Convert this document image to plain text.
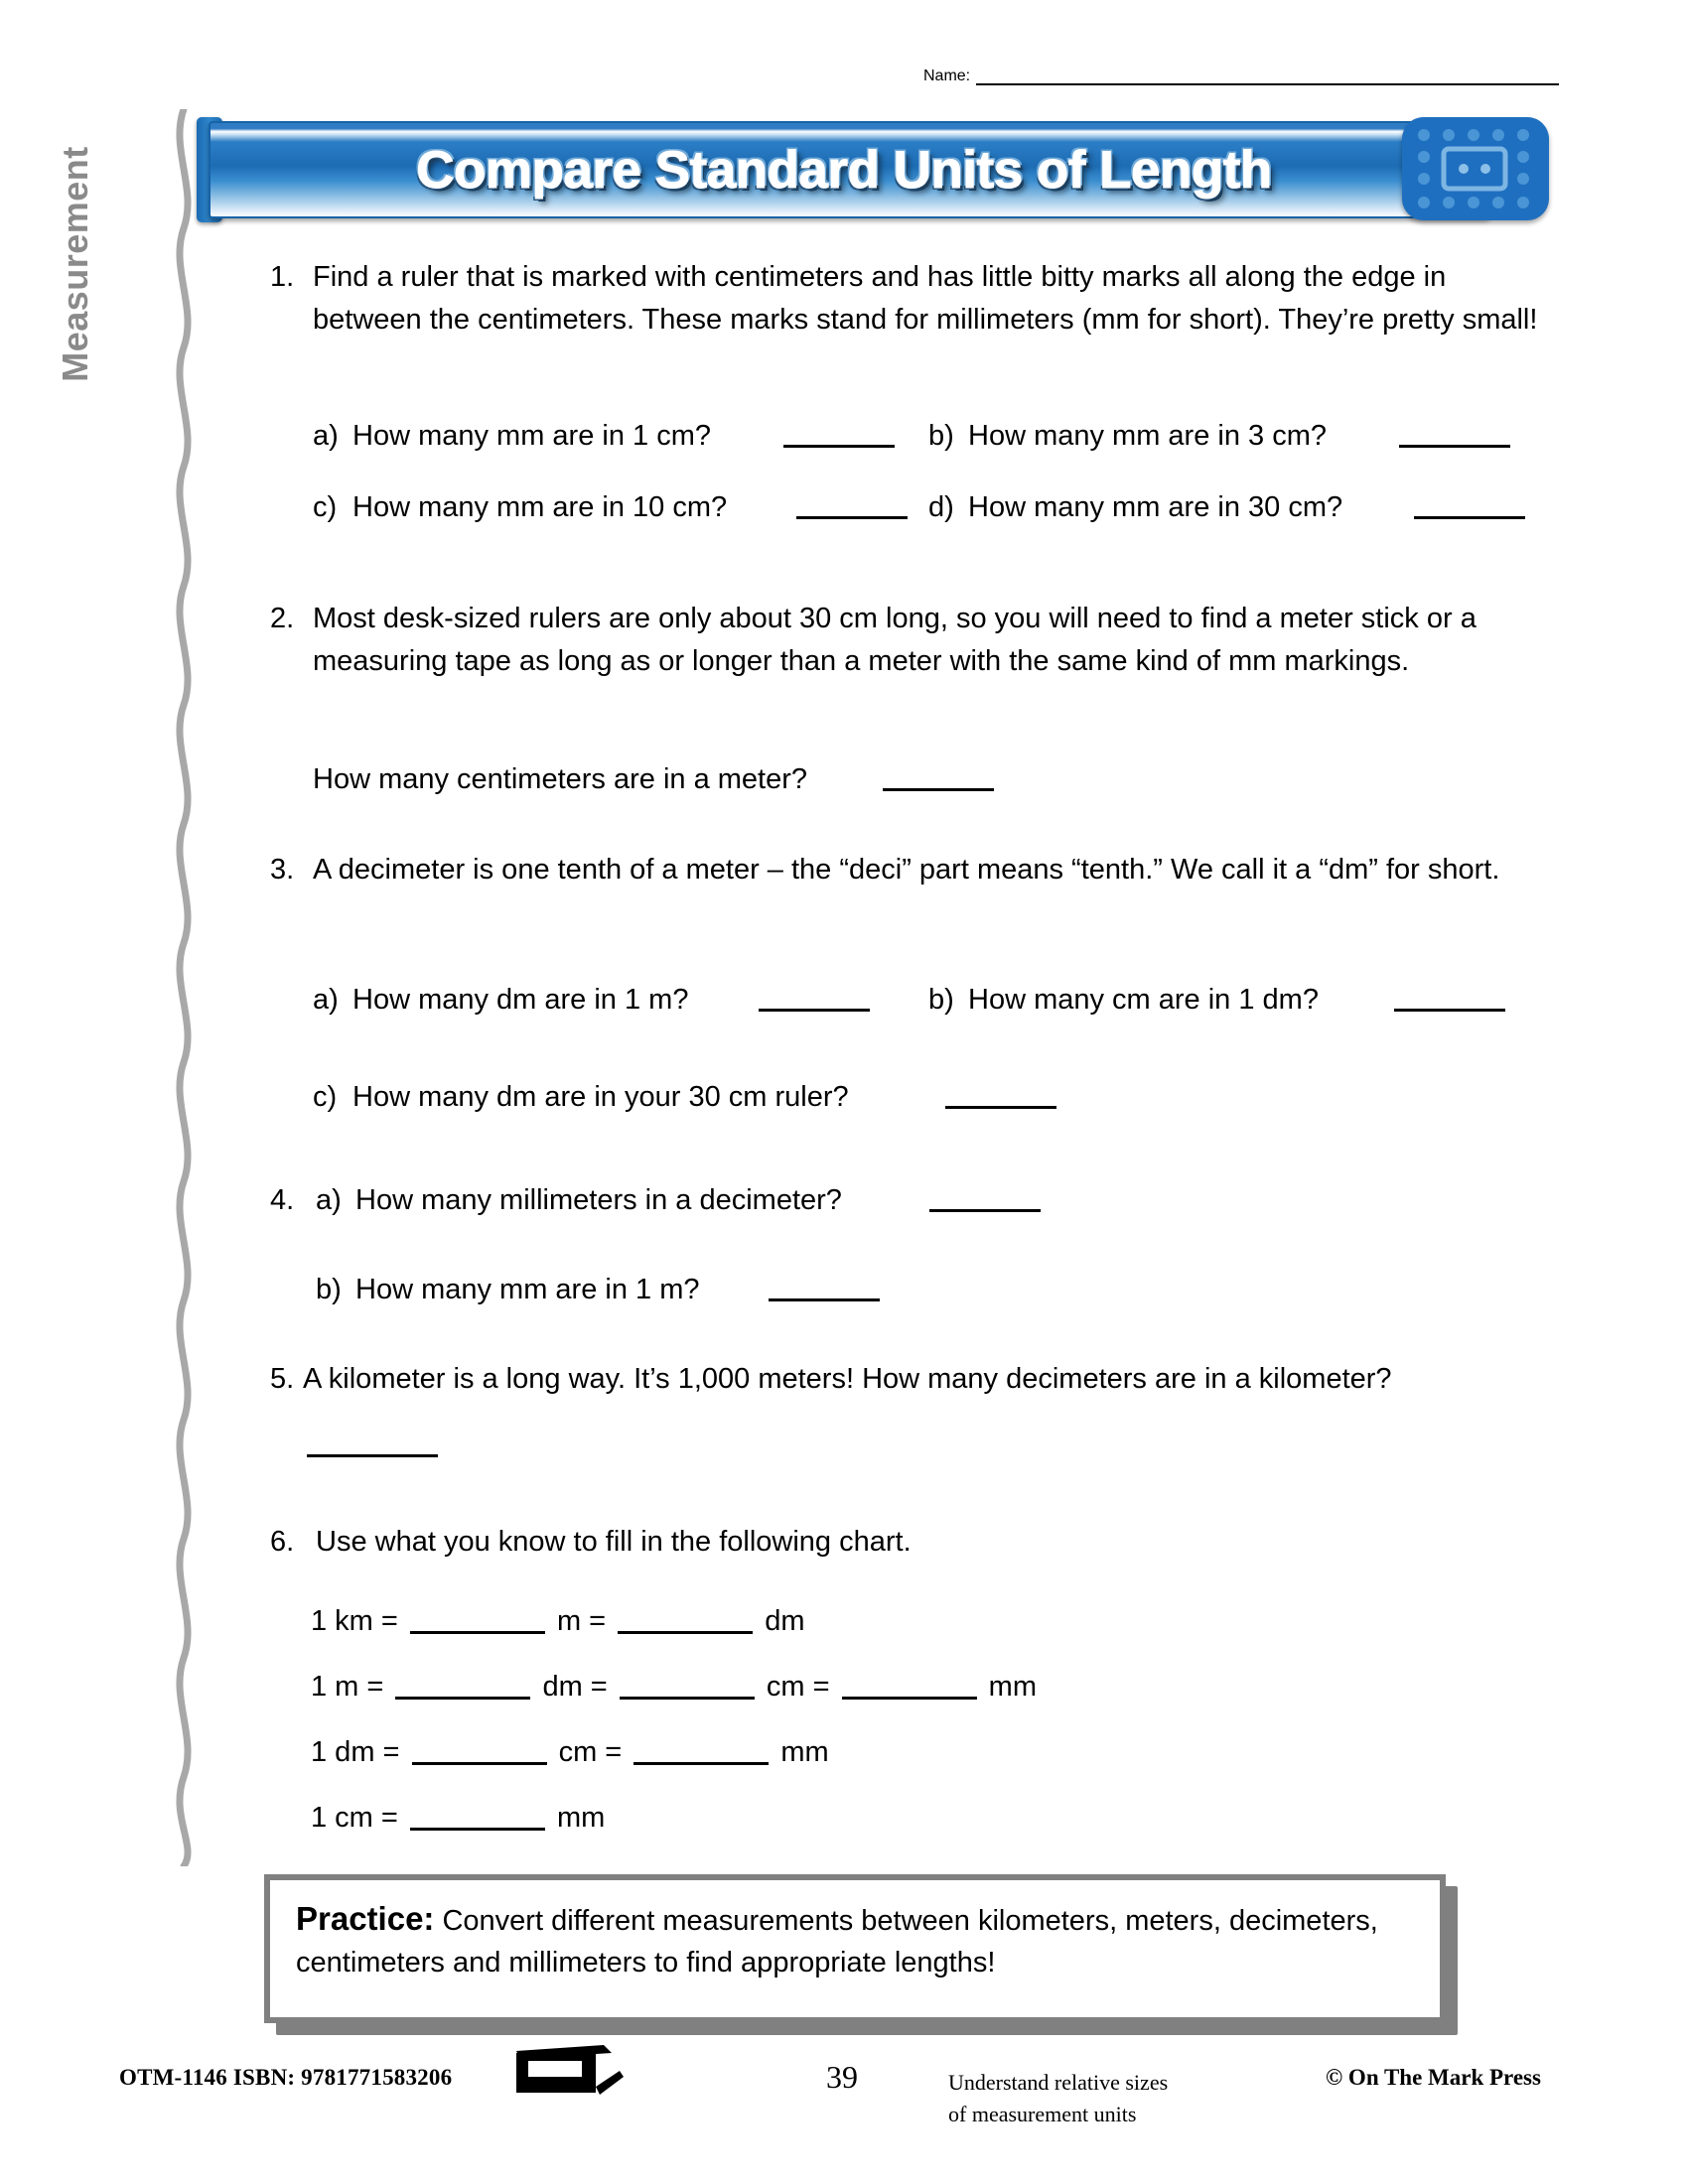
Name:
Measurement	Compare Standard Units of Length
1. Find a ruler that is marked with centimeters and has little bitty marks all along the edge in between the centimeters. These marks stand for millimeters (mm for short). They’re pretty small!
a) How many mm are in 1 cm?	b) How many mm are in 3 cm?
c) How many mm are in 10 cm?	d) How many mm are in 30 cm?
2. Most desk-sized rulers are only about 30 cm long, so you will need to find a meter stick or a measuring tape as long as or longer than a meter with the same kind of mm markings.
How many centimeters are in a meter?
3. A decimeter is one tenth of a meter – the “deci” part means “tenth.” We call it a “dm” for short.
a) How many dm are in 1 m?	b) How many cm are in 1 dm?
c) How many dm are in your 30 cm ruler?
4. a) How many millimeters in a decimeter?
b) How many mm are in 1 m?
5. A kilometer is a long way. It’s 1,000 meters! How many decimeters are in a kilometer?
6. Use what you know to fill in the following chart.
1 km =	m =	dm
1 m =	dm =	cm =	mm
1 dm =	cm =	mm
1 cm =	mm
Practice: Convert different measurements between kilometers, meters, decimeters, centimeters and millimeters to find appropriate lengths!
OTM-1146 ISBN: 9781771583206	39	Understand relative sizes
of measurement units
© On The Mark Press
